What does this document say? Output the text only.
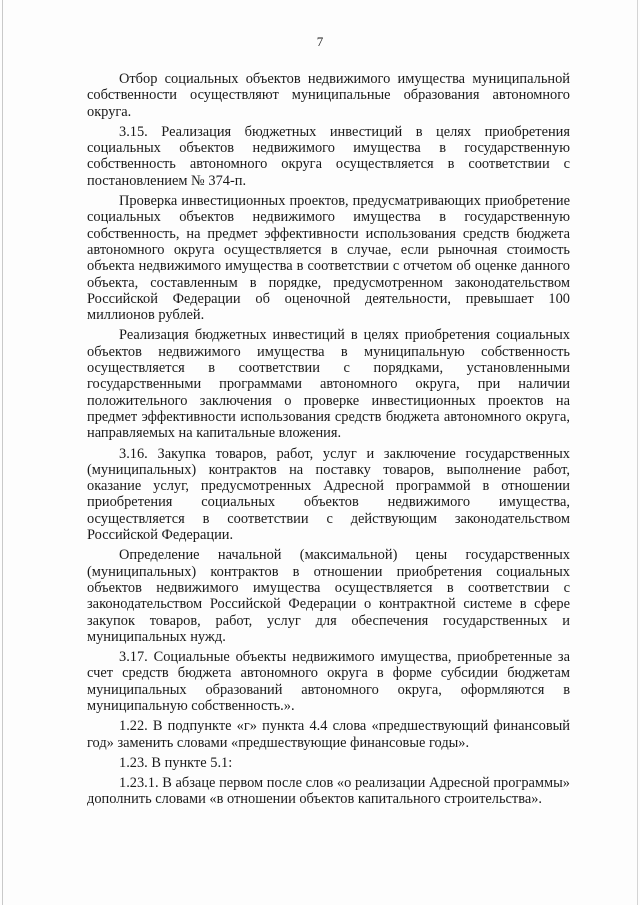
7

Отбор социальных объектов недвижимого имущества муниципальной собственности осуществляют муниципальные образования автономного округа.

3.15. Реализация бюджетных инвестиций в целях приобретения социальных объектов недвижимого имущества в государственную собственность автономного округа осуществляется в соответствии с постановлением № 374-п.

Проверка инвестиционных проектов, предусматривающих приобретение социальных объектов недвижимого имущества в государственную собственность, на предмет эффективности использования средств бюджета автономного округа осуществляется в случае, если рыночная стоимость объекта недвижимого имущества в соответствии с отчетом об оценке данного объекта, составленным в порядке, предусмотренном законодательством Российской Федерации об оценочной деятельности, превышает 100 миллионов рублей.

Реализация бюджетных инвестиций в целях приобретения социальных объектов недвижимого имущества в муниципальную собственность осуществляется в соответствии с порядками, установленными государственными программами автономного округа, при наличии положительного заключения о проверке инвестиционных проектов на предмет эффективности использования средств бюджета автономного округа, направляемых на капитальные вложения.

3.16. Закупка товаров, работ, услуг и заключение государственных (муниципальных) контрактов на поставку товаров, выполнение работ, оказание услуг, предусмотренных Адресной программой в отношении приобретения социальных объектов недвижимого имущества, осуществляется в соответствии с действующим законодательством Российской Федерации.

Определение начальной (максимальной) цены государственных (муниципальных) контрактов в отношении приобретения социальных объектов недвижимого имущества осуществляется в соответствии с законодательством Российской Федерации о контрактной системе в сфере закупок товаров, работ, услуг для обеспечения государственных и муниципальных нужд.

3.17. Социальные объекты недвижимого имущества, приобретенные за счет средств бюджета автономного округа в форме субсидии бюджетам муниципальных образований автономного округа, оформляются в муниципальную собственность.».

1.22. В подпункте «г» пункта 4.4 слова «предшествующий финансовый год» заменить словами «предшествующие финансовые годы».

1.23. В пункте 5.1:

1.23.1. В абзаце первом после слов «о реализации Адресной программы» дополнить словами «в отношении объектов капитального строительства».
